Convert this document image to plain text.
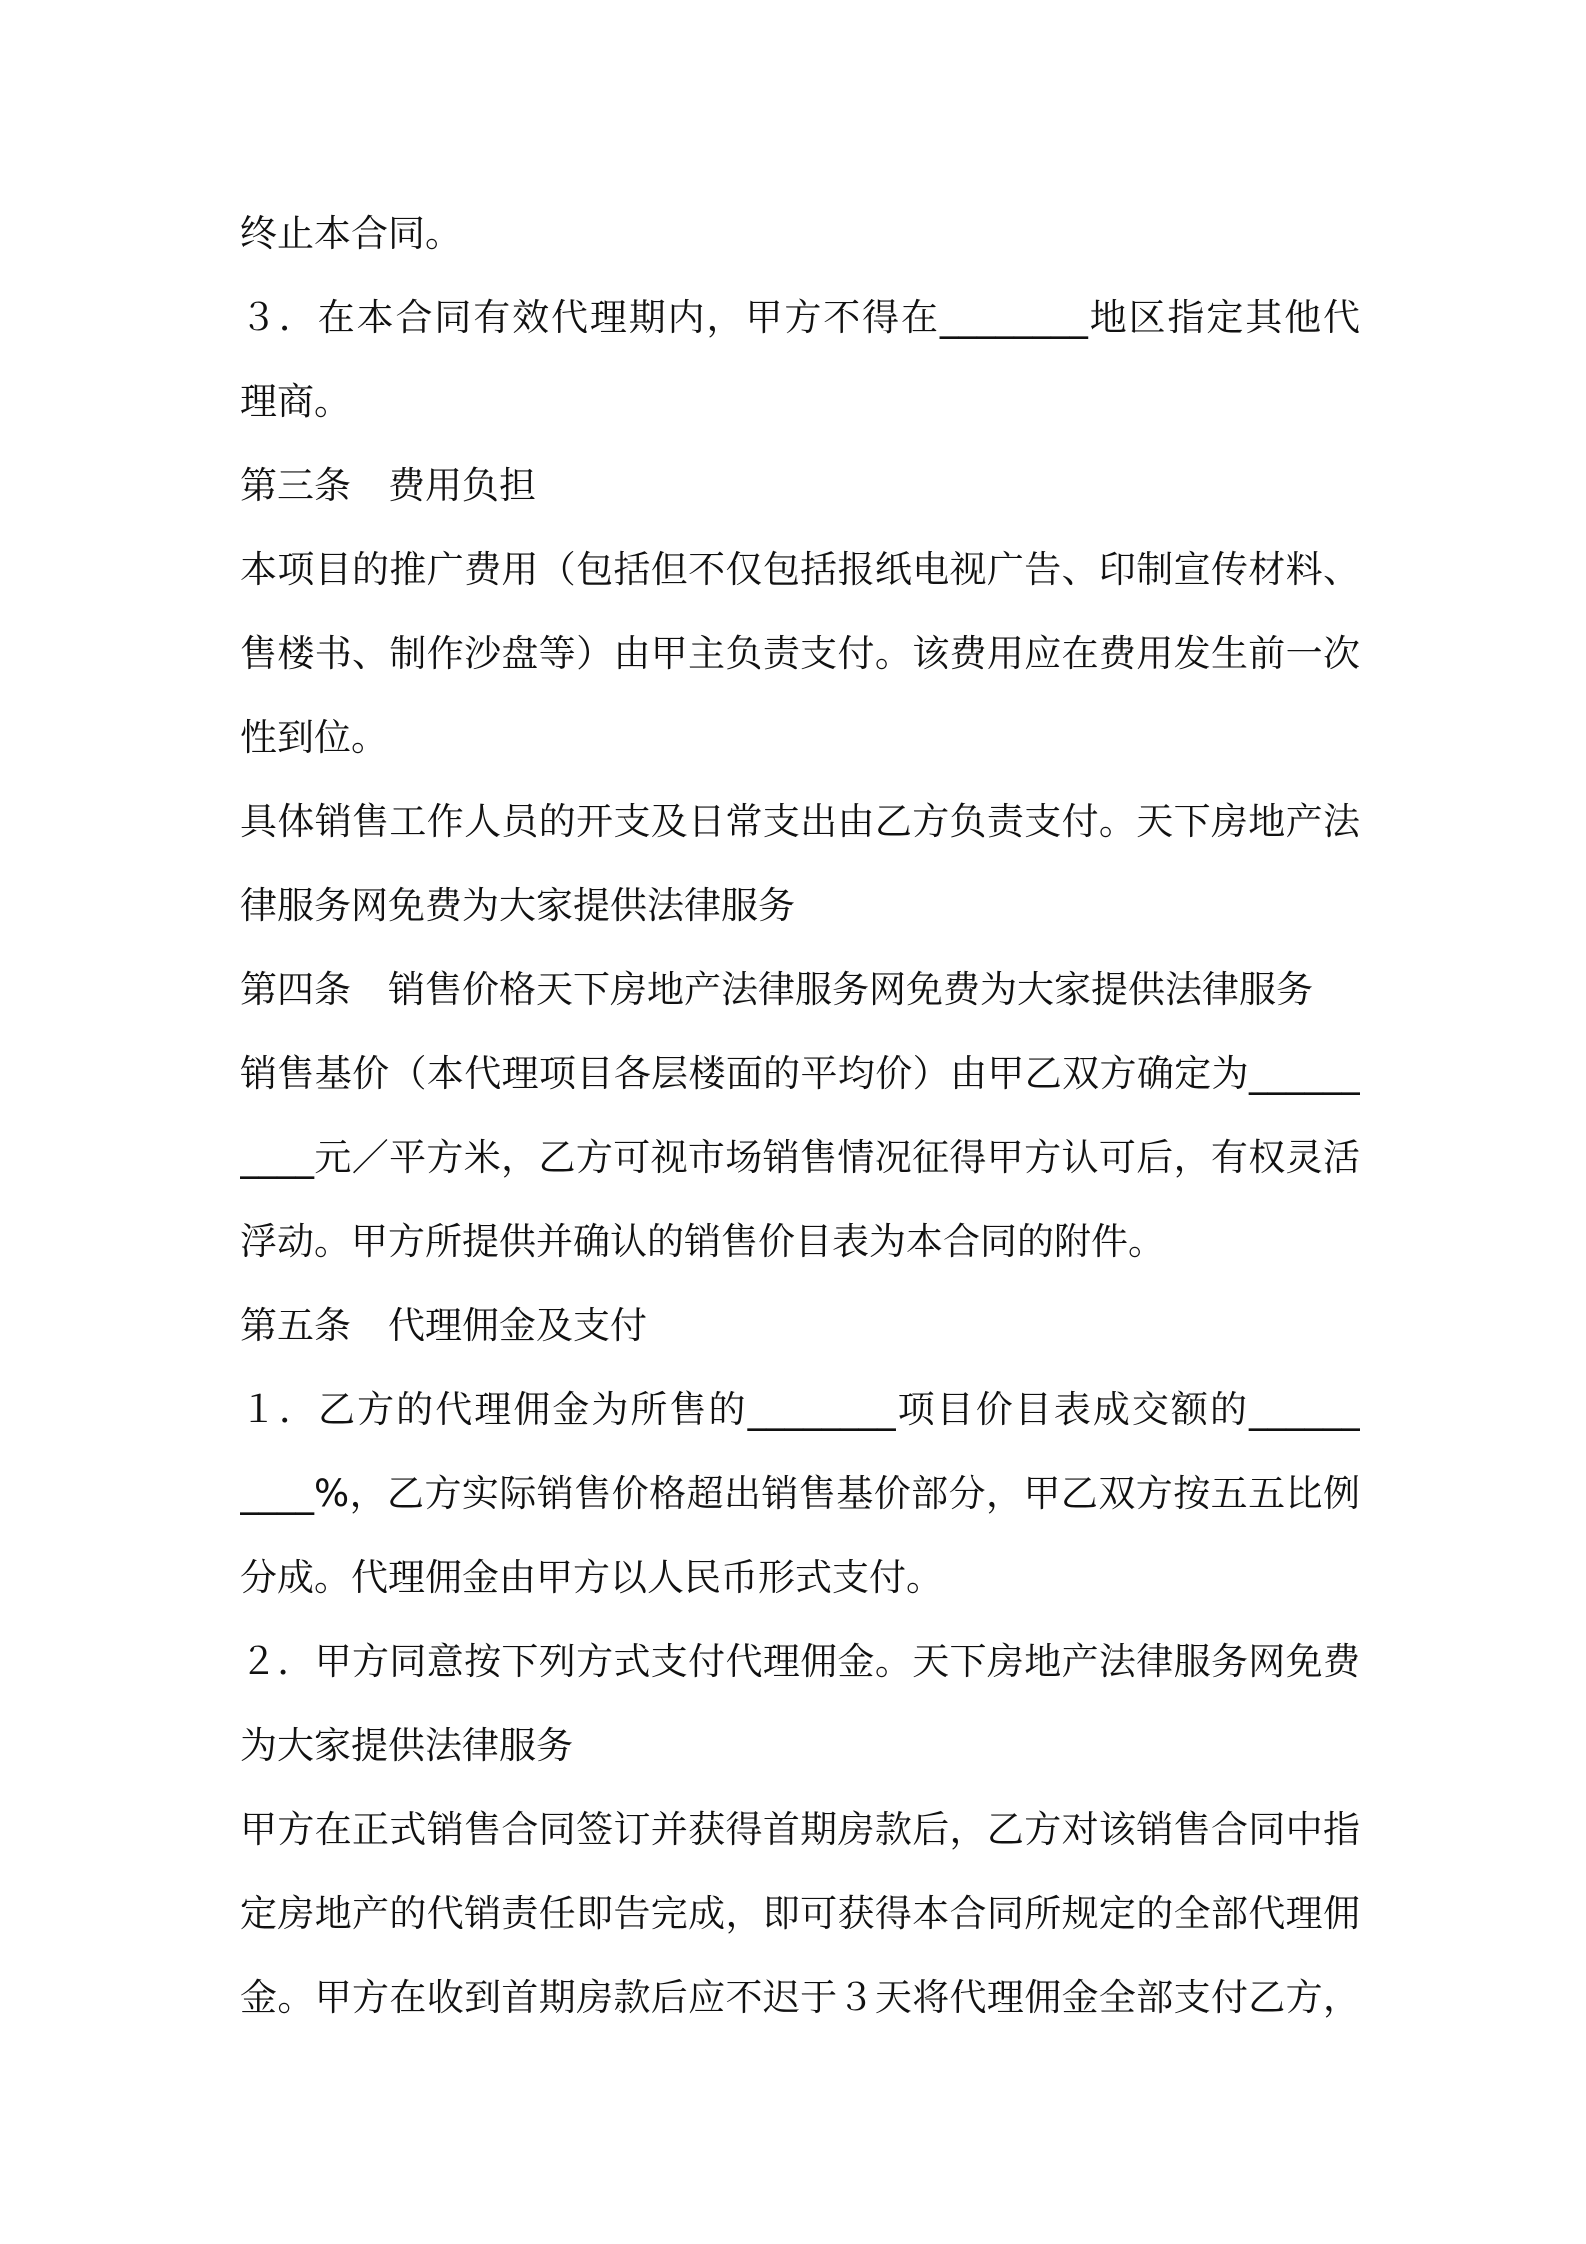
终止本合同。
３．在本合同有效代理期内，甲方不得在________地区指定其他代
理商。
第三条　费用负担
本项目的推广费用（包括但不仅包括报纸电视广告、印制宣传材料、
售楼书、制作沙盘等）由甲主负责支付。该费用应在费用发生前一次
性到位。
具体销售工作人员的开支及日常支出由乙方负责支付。天下房地产法
律服务网免费为大家提供法律服务
第四条　销售价格天下房地产法律服务网免费为大家提供法律服务
销售基价（本代理项目各层楼面的平均价）由甲乙双方确定为______
____元／平方米，乙方可视市场销售情况征得甲方认可后，有权灵活
浮动。甲方所提供并确认的销售价目表为本合同的附件。
第五条　代理佣金及支付
１．乙方的代理佣金为所售的________项目价目表成交额的______
____%，乙方实际销售价格超出销售基价部分，甲乙双方按五五比例
分成。代理佣金由甲方以人民币形式支付。
２．甲方同意按下列方式支付代理佣金。天下房地产法律服务网免费
为大家提供法律服务
甲方在正式销售合同签订并获得首期房款后，乙方对该销售合同中指
定房地产的代销责任即告完成，即可获得本合同所规定的全部代理佣
金。甲方在收到首期房款后应不迟于３天将代理佣金全部支付乙方，
